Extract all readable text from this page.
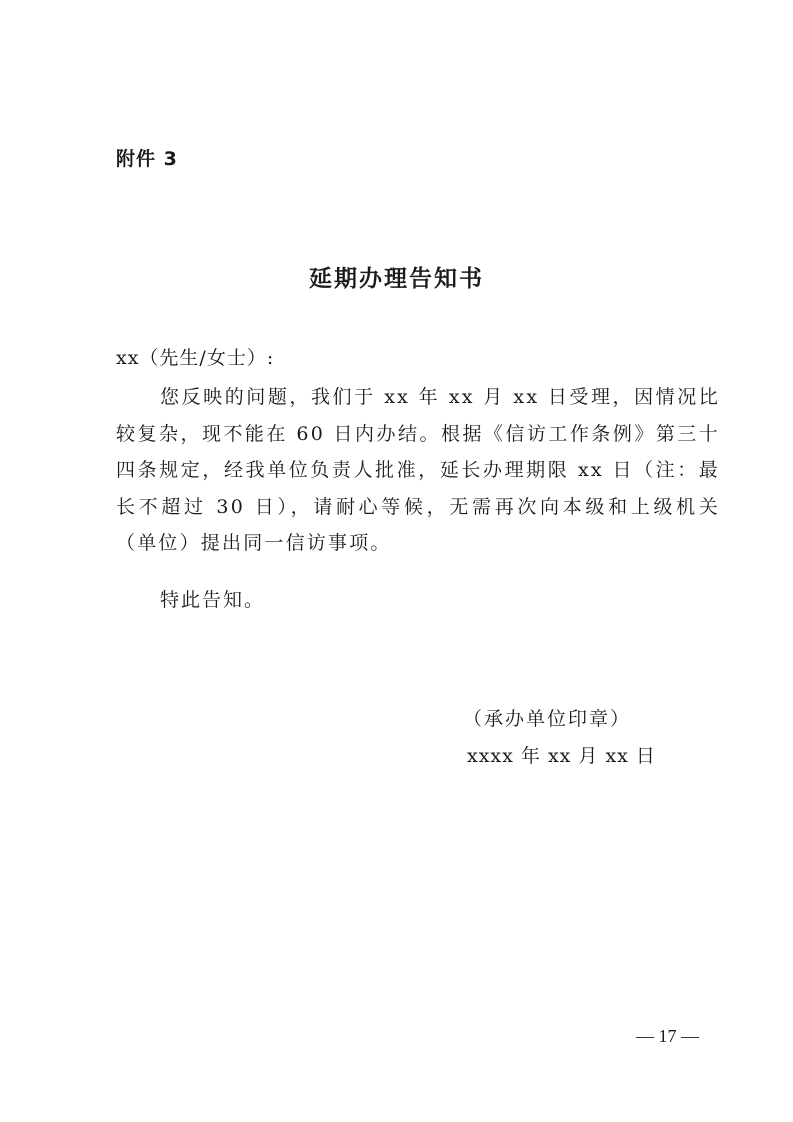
附件 3
延期办理告知书
xx（先生/女士）:

您反映的问题，我们于 xx 年 xx 月 xx 日受理，因情况比较复杂，现不能在 60 日内办结。根据《信访工作条例》第三十四条规定，经我单位负责人批准，延长办理期限 xx 日（注：最长不超过 30 日），请耐心等候，无需再次向本级和上级机关（单位）提出同一信访事项。

特此告知。
（承办单位印章）
xxxx 年 xx 月 xx 日
— 17 —
